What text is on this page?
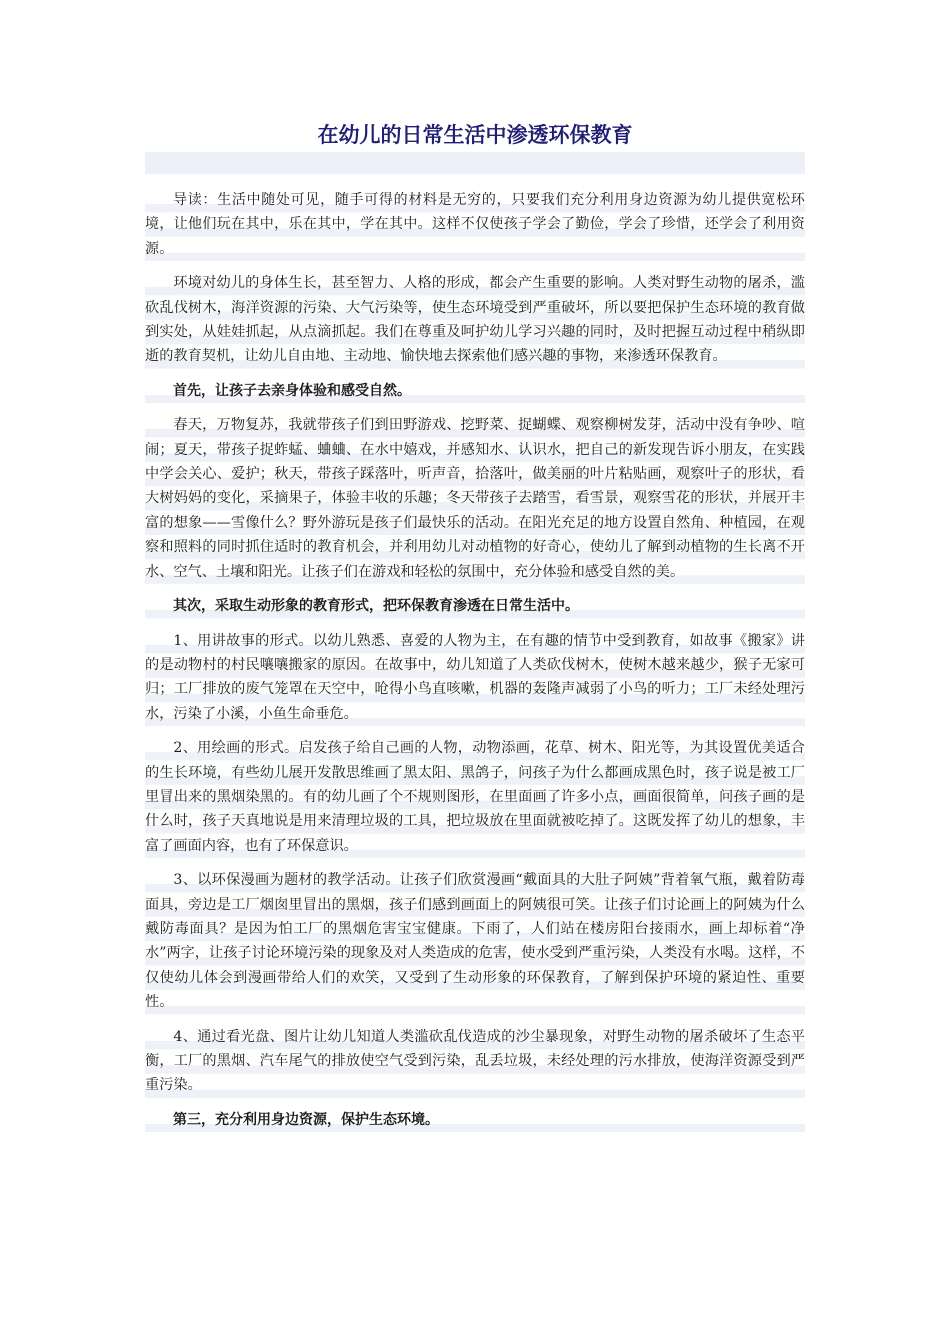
在幼儿的日常生活中渗透环保教育

导读：生活中随处可见，随手可得的材料是无穷的，只要我们充分利用身边资源为幼儿提供宽松环境，让他们玩在其中，乐在其中，学在其中。这样不仅使孩子学会了勤俭，学会了珍惜，还学会了利用资源。

环境对幼儿的身体生长，甚至智力、人格的形成，都会产生重要的影响。人类对野生动物的屠杀，滥砍乱伐树木，海洋资源的污染、大气污染等，使生态环境受到严重破坏，所以要把保护生态环境的教育做到实处，从娃娃抓起，从点滴抓起。我们在尊重及呵护幼儿学习兴趣的同时，及时把握互动过程中稍纵即逝的教育契机，让幼儿自由地、主动地、愉快地去探索他们感兴趣的事物，来渗透环保教育。

首先，让孩子去亲身体验和感受自然。

春天，万物复苏，我就带孩子们到田野游戏、挖野菜、捉蝴蝶、观察柳树发芽，活动中没有争吵、喧闹；夏天，带孩子捉蚱蜢、蛐蛐、在水中嬉戏，并感知水、认识水，把自己的新发现告诉小朋友，在实践中学会关心、爱护；秋天，带孩子踩落叶，听声音，拾落叶，做美丽的叶片粘贴画，观察叶子的形状，看大树妈妈的变化，采摘果子，体验丰收的乐趣；冬天带孩子去踏雪，看雪景，观察雪花的形状，并展开丰富的想象——雪像什么？野外游玩是孩子们最快乐的活动。在阳光充足的地方设置自然角、种植园，在观察和照料的同时抓住适时的教育机会，并利用幼儿对动植物的好奇心，使幼儿了解到动植物的生长离不开水、空气、土壤和阳光。让孩子们在游戏和轻松的氛围中，充分体验和感受自然的美。

其次，采取生动形象的教育形式，把环保教育渗透在日常生活中。

1、用讲故事的形式。以幼儿熟悉、喜爱的人物为主，在有趣的情节中受到教育，如故事《搬家》讲的是动物村的村民嚷嚷搬家的原因。在故事中，幼儿知道了人类砍伐树木，使树木越来越少，猴子无家可归；工厂排放的废气笼罩在天空中，呛得小鸟直咳嗽，机器的轰隆声减弱了小鸟的听力；工厂未经处理污水，污染了小溪，小鱼生命垂危。

2、用绘画的形式。启发孩子给自己画的人物，动物添画，花草、树木、阳光等，为其设置优美适合的生长环境，有些幼儿展开发散思维画了黑太阳、黑鸽子，问孩子为什么都画成黑色时，孩子说是被工厂里冒出来的黑烟染黑的。有的幼儿画了个不规则图形，在里面画了许多小点，画面很简单，问孩子画的是什么时，孩子天真地说是用来清理垃圾的工具，把垃圾放在里面就被吃掉了。这既发挥了幼儿的想象，丰富了画面内容，也有了环保意识。

3、以环保漫画为题材的教学活动。让孩子们欣赏漫画“戴面具的大肚子阿姨”背着氧气瓶，戴着防毒面具，旁边是工厂烟囱里冒出的黑烟，孩子们感到画面上的阿姨很可笑。让孩子们讨论画上的阿姨为什么戴防毒面具？是因为怕工厂的黑烟危害宝宝健康。下雨了，人们站在楼房阳台接雨水，画上却标着“净水”两字，让孩子讨论环境污染的现象及对人类造成的危害，使水受到严重污染，人类没有水喝。这样，不仅使幼儿体会到漫画带给人们的欢笑，又受到了生动形象的环保教育，了解到保护环境的紧迫性、重要性。

4、通过看光盘、图片让幼儿知道人类滥砍乱伐造成的沙尘暴现象，对野生动物的屠杀破坏了生态平衡，工厂的黑烟、汽车尾气的排放使空气受到污染，乱丢垃圾，未经处理的污水排放，使海洋资源受到严重污染。

第三，充分利用身边资源，保护生态环境。
